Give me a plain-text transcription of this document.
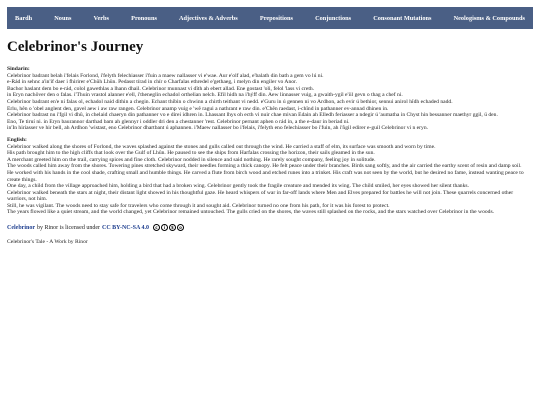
Bardh	Nouns	Verbs	Pronouns	Adjectives & Adverbs	Prepositions	Conjunctions	Consonant Mutations	Neologisms & Compounds
Celebrinor's Journey

Sindarin:

Celebrinor badrant belah i'felais Forlond, i'felyth felechiasser i'fuin a maew nallasser vi e'wae. Aur e'olf alad, e'balath din bath a gem vo lú ni.

e-Rád in sehnc a'in'if daer i fhirirer e'Chûh Lhün. Pedasst tírad in chír o Charfalas ethredel e'gethaeg, i melyn din engiler vo Anor.

Bachor haslant dem bo e-rád, colol gawethlas a lhann dhail. Celebrinor munnast vi dîth ah ebert allad. Ene gostast 'oli, felol 'lass vi creth.

in Eryn nachôver den o falas. i'Thuin vrastol alanner e'ell, i'theneglin echadol orthelian nelch. Efil hidh na i'hýff din. Aew linnasser vuig, a gwaith-ygil e'iil gevn o thag a chef ni.

Celebrinor badrant en'e ni falas ol, echadol naid dithin a chegin. Echant thíbin o chwinn a chirth teithant vi nedd. e'Guru in ú gennen ni vo Ardhon, ach evir ú bethior, sennui anirol hîdh echaded nadd.

Erlu, hên o 'obel anglent den, gavel aew i aw raw rangen. Celebrinor anamp vuig e 'wê ragui a nathrant e raw din. e'Chên raedast, i-chînd in pathanner ev-annad dhinen in.

Celebrinor badrast nu i'fgil vi dhû, in chelaid chaeryn din pathanner vo e direi idhren in. Lhassant lhys oh ecth vi nuir chae mivan Edain ah Elledh feriasser a ndegir ú 'aumatha in Chyst hin bessanner maethyr ggil, ü den.

Eno, Te tiruí ni. in Eryn baurannor darthad bam ah glennyr i oddler dri den a chestanner 'rest. Celebrinor pernant aphen o rád in, a the e-daur in beriad ni.

in'In hiriasser ve hir bell, ah Ardhon 'wistast, eno Celebrinor dhartbant ú aphannen. i'Maew nallasser bo i'felais, i'felyth eno felechiasser bo i'fuin, ah i'ñgil edirer e-guil Celebrinor vi n eryn.

English:

Celebrinor walked along the shores of Forlond, the waves splashed against the stones and gulls called out through the wind. He carried a staff of elm, its surface was smooth and worn by time.

His path brought him to the high cliffs that look over the Gulf of Lhûn. He paused to see the ships from Harfalas crossing the horizon, their sails gleamed in the sun.

A merchant greeted him on the trail, carrying spices and fine cloth. Celebrinor nodded in silence and said nothing. He rarely sought company, feeling joy in solitude.

The woods called him away from the shores. Towering pines stretched skyward, their needles forming a thick canopy. He felt peace under their branches. Birds sang softly, and the air carried the earthy scent of resin and damp soil.

He worked with his hands in the cool shade, crafting small and humble things. He carved a flute from birch wood and etched runes into a trinket. His craft was not seen by the world, but he desired no fame, instead wanting peace to create things.

One day, a child from the village approached him, holding a bird that had a broken wing. Celebrinor gently took the fragile creature and mended its wing. The child smiled, her eyes showed her silent thanks.

Celebrinor walked beneath the stars at night, their distant light showed in his thoughtful gaze. He heard whispers of war in far-off lands where Men and Elves prepared for battles he will not join. These quarrels concerned other warriors, not him.

Still, he was vigilant. The woods need to stay safe for travelers who come through it and sought aid. Celebrinor turned no one from his path, for it was his forest to protect.

The years flowed like a quiet stream, and the world changed, yet Celebrinor remained untouched. The gulls cried on the shores, the waves still splashed on the rocks, and the stars watched over Celebrinor in the woods.

Celebrinor by Rinor is licensed under CC BY-NC-SA 4.0	c	i	$	o
Celebrinor's Tale - A Work by Rinor
